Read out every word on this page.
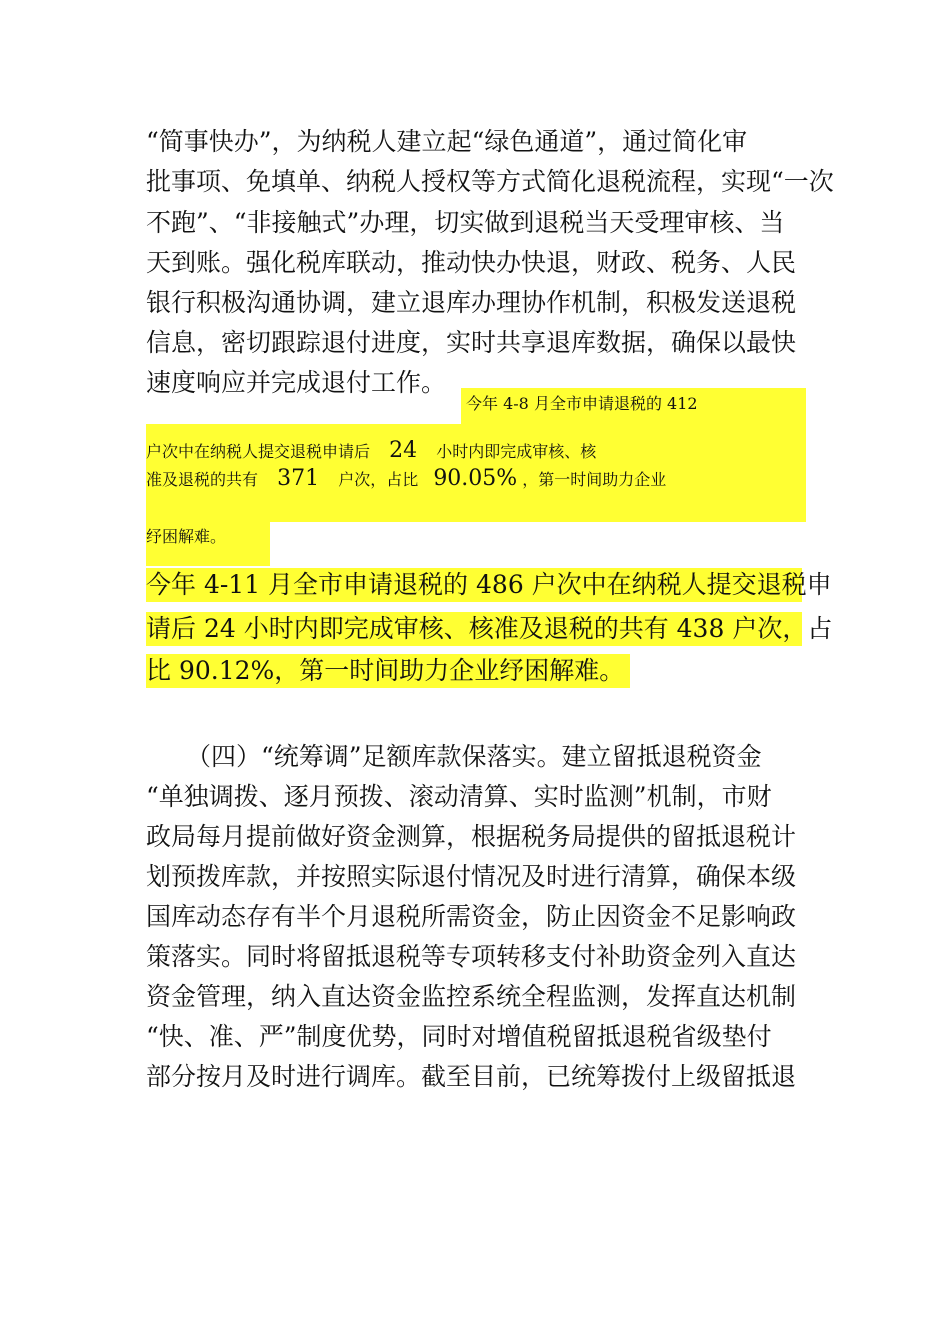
“简事快办”，为纳税人建立起“绿色通道”，通过简化审
批事项、免填单、纳税人授权等方式简化退税流程，实现“一次
不跑”、“非接触式”办理，切实做到退税当天受理审核、当
天到账。强化税库联动，推动快办快退，财政、税务、人民
银行积极沟通协调，建立退库办理协作机制，积极发送退税
信息，密切跟踪退付进度，实时共享退库数据，确保以最快
速度响应并完成退付工作。
今年 4-8 月全市申请退税的 412
户次中在纳税人提交退税申请后 24 小时内即完成审核、核
准及退税的共有 371 户次，占比 90.05% ，第一时间助力企业
纾困解难。
今年 4-11 月全市申请退税的 486 户次中在纳税人提交退税申
请后 24 小时内即完成审核、核准及退税的共有 438 户次，占
比 90.12%，第一时间助力企业纾困解难。
（四）“统筹调”足额库款保落实。建立留抵退税资金
“单独调拨、逐月预拨、滚动清算、实时监测”机制，市财
政局每月提前做好资金测算，根据税务局提供的留抵退税计
划预拨库款，并按照实际退付情况及时进行清算，确保本级
国库动态存有半个月退税所需资金，防止因资金不足影响政
策落实。同时将留抵退税等专项转移支付补助资金列入直达
资金管理，纳入直达资金监控系统全程监测，发挥直达机制
“快、准、严”制度优势，同时对增值税留抵退税省级垫付
部分按月及时进行调库。截至目前，已统筹拨付上级留抵退
